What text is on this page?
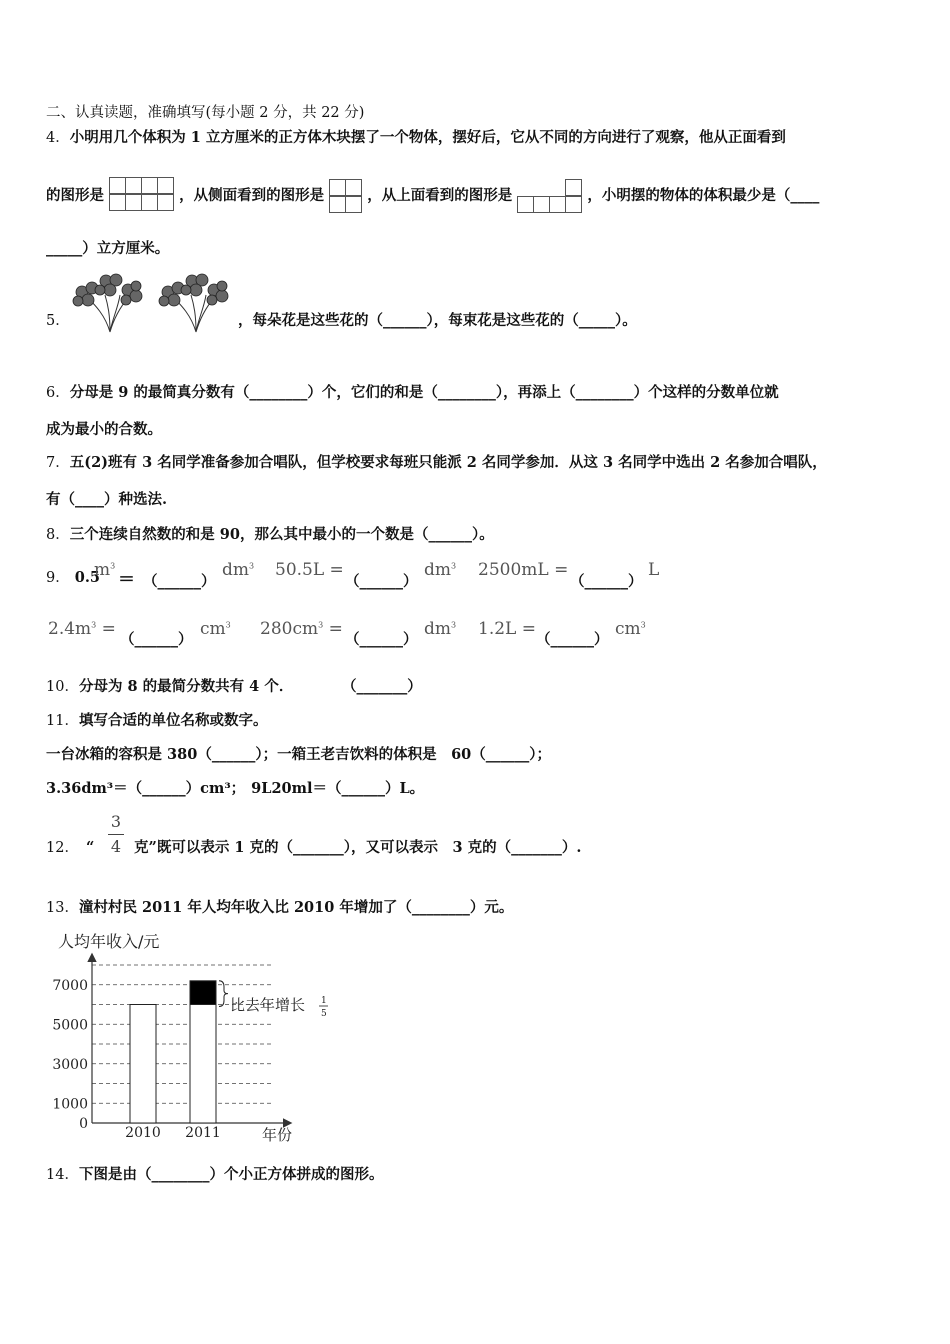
二、认真读题，准确填写(每小题 2 分，共 22 分)
4．小明用几个体积为 1 立方厘米的正方体木块摆了一个物体，摆好后，它从不同的方向进行了观察，他从正面看到
的图形是	，从侧面看到的图形是	，从上面看到的图形是	，小明摆的物体的体积最少是（____
_____）立方厘米。
5．	，每朵花是这些花的（______），每束花是这些花的（_____）。
6．分母是 9 的最简真分数有（________）个，它们的和是（________），再添上（________）个这样的分数单位就
成为最小的合数。
7．五(2)班有 3 名同学准备参加合唱队，但学校要求每班只能派 2 名同学参加．从这 3 名同学中选出 2 名参加合唱队，
有（____）种选法.
8．三个连续自然数的和是 90，那么其中最小的一个数是（______）。
9． 0.5
$m^3$
＝ （______）
$dm^3$ 50.5L =
（______）
$dm^3$ 2500mL =
（______）
L
$2.4m^3$ =
（______）
$cm^3$ $280cm^3$ =
（______）
$dm^3$ 1.2L =
（______）
$cm^3$
10．分母为 8 的最简分数共有 4 个．	（_______）
11．填写合适的单位名称或数字。
一台冰箱的容积是 380（______）；一箱王老吉饮料的体积是　60（______）；
3.36dm³＝（______）cm³； 9L20ml＝（______）L。
12． “
3
4 克”既可以表示 1 克的（_______），又可以表示　3 克的（_______）.
13．潼村村民 2011 年人均年收入比 2010 年增加了（________）元。
人均年收入/元
0
1000
3000
5000
7000
2010 2011	年份
比去年增长 1
5
14．下图是由（________）个小正方体拼成的图形。
